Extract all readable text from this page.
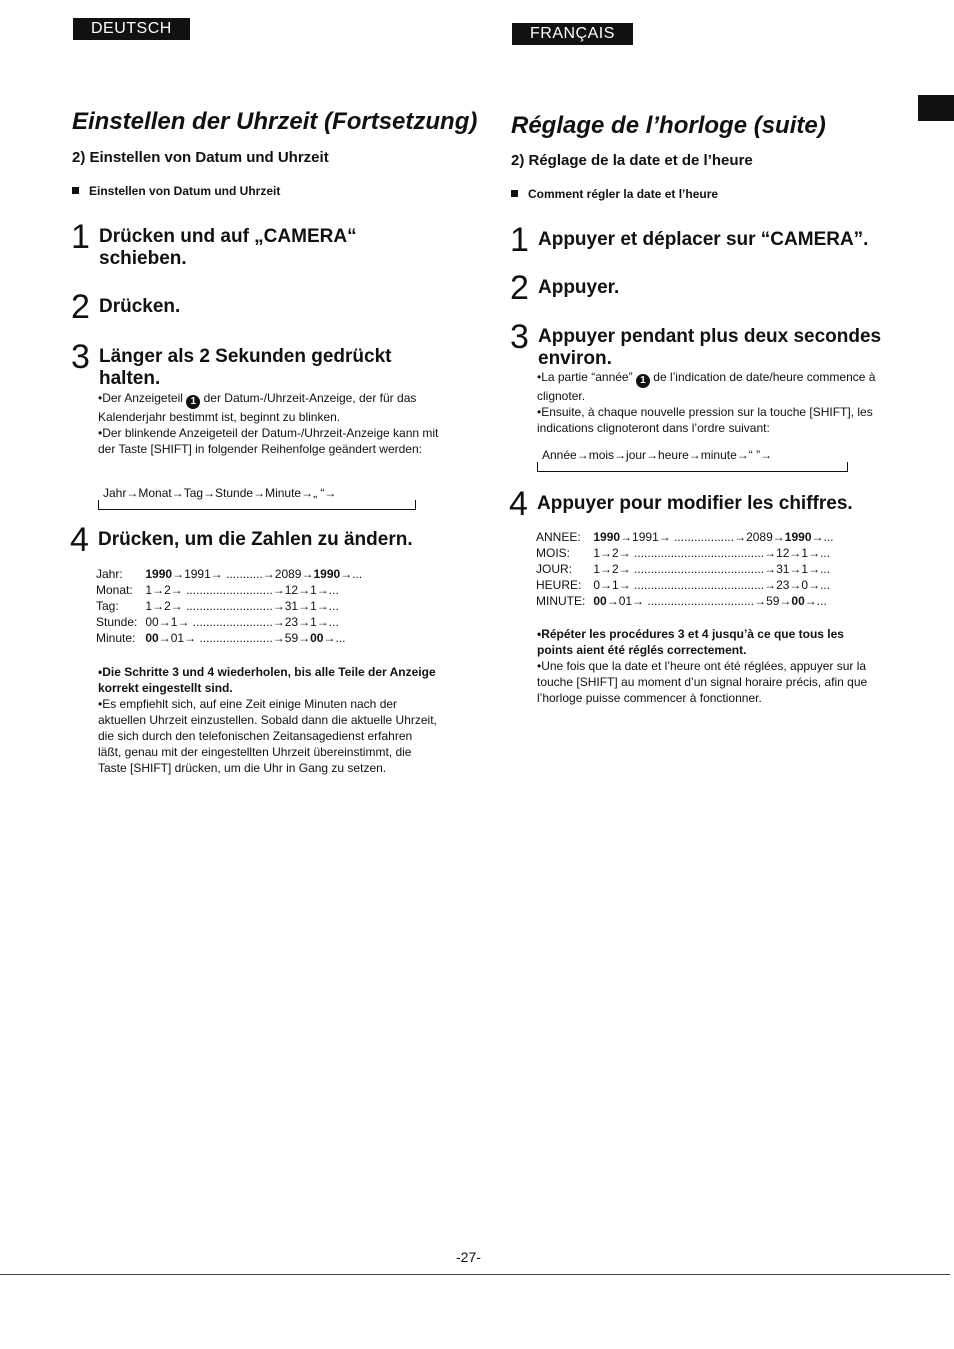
DEUTSCH
Einstellen der Uhrzeit (Fortsetzung)
2) Einstellen von Datum und Uhrzeit
Einstellen von Datum und Uhrzeit
1 Drücken und auf „CAMERA“
schieben.
2 Drücken.
3 Länger als 2 Sekunden gedrückt
halten.

•Der Anzeigeteil 1 der Datum-/Uhrzeit-Anzeige, der für das Kalenderjahr bestimmt ist, beginnt zu blinken.

•Der blinkende Anzeigeteil der Datum-/Uhrzeit-Anzeige kann mit der Taste [SHIFT] in folgender Reihenfolge geändert werden:

Jahr→Monat→Tag→Stunde→Minute→„ “→
4 Drücken, um die Zahlen zu ändern.
Jahr:	1990→1991→ ...........→2089→1990→...
Monat:	1→2→ ..........................→12→1→...
Tag:	1→2→ ..........................→31→1→...
Stunde:	00→1→ ........................→23→1→...
Minute:	00→01→ ......................→59→00→...

•Die Schritte 3 und 4 wiederholen, bis alle Teile der Anzeige korrekt eingestellt sind.

•Es empfiehlt sich, auf eine Zeit einige Minuten nach der aktuellen Uhrzeit einzustellen. Sobald dann die aktuelle Uhrzeit, die sich durch den telefonischen Zeitansagedienst erfahren läßt, genau mit der eingestellten Uhrzeit übereinstimmt, die Taste [SHIFT] drücken, um die Uhr in Gang zu setzen.

FRANÇAIS
Réglage de l’horloge (suite)
2) Réglage de la date et de l’heure
Comment régler la date et l’heure
1 Appuyer et déplacer sur “CAMERA”.
2 Appuyer.
3 Appuyer pendant plus deux secondes
environ.

•La partie “année” 1 de l’indication de date/heure commence à clignoter.

•Ensuite, à chaque nouvelle pression sur la touche [SHIFT], les indications clignoteront dans l’ordre suivant:

Année→mois→jour→heure→minute→“ ”→
4 Appuyer pour modifier les chiffres.
ANNEE:	1990→1991→ ..................→2089→1990→...
MOIS:	1→2→ .......................................→12→1→...
JOUR:	1→2→ .......................................→31→1→...
HEURE:	0→1→ .......................................→23→0→...
MINUTE:	00→01→ ................................→59→00→...

•Répéter les procédures 3 et 4 jusqu’à ce que tous les points aient été réglés correctement.

•Une fois que la date et l’heure ont été réglées, appuyer sur la touche [SHIFT] au moment d’un signal horaire précis, afin que l’horloge puisse commencer à fonctionner.

-27-
